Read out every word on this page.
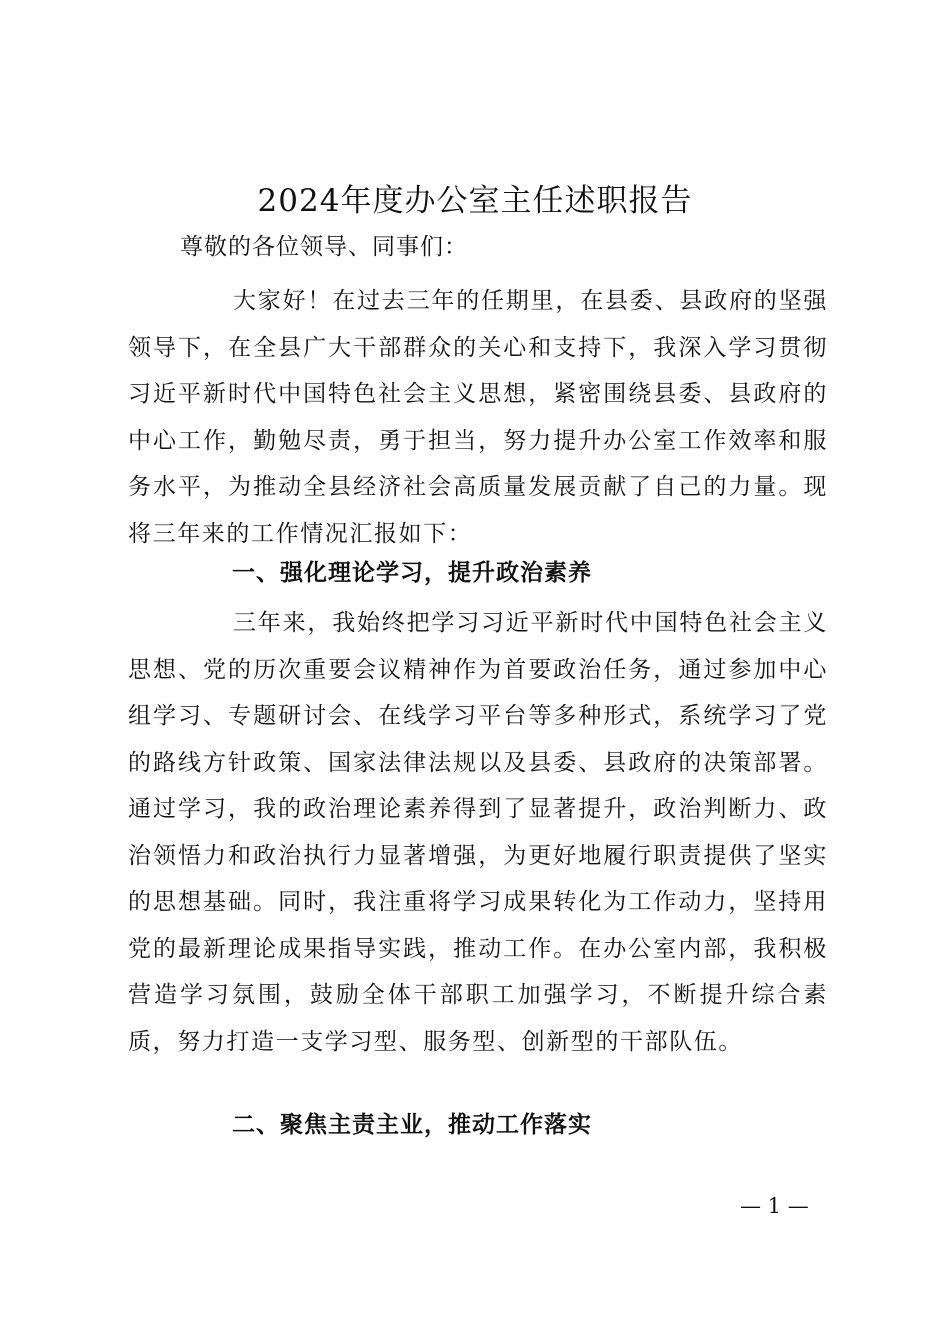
2024年度办公室主任述职报告
尊敬的各位领导、同事们：

大家好！在过去三年的任期里，在县委、县政府的坚强领导下，在全县广大干部群众的关心和支持下，我深入学习贯彻习近平新时代中国特色社会主义思想，紧密围绕县委、县政府的中心工作，勤勉尽责，勇于担当，努力提升办公室工作效率和服务水平，为推动全县经济社会高质量发展贡献了自己的力量。现将三年来的工作情况汇报如下：

一、强化理论学习，提升政治素养

三年来，我始终把学习习近平新时代中国特色社会主义思想、党的历次重要会议精神作为首要政治任务，通过参加中心组学习、专题研讨会、在线学习平台等多种形式，系统学习了党的路线方针政策、国家法律法规以及县委、县政府的决策部署。通过学习，我的政治理论素养得到了显著提升，政治判断力、政治领悟力和政治执行力显著增强，为更好地履行职责提供了坚实的思想基础。同时，我注重将学习成果转化为工作动力，坚持用党的最新理论成果指导实践，推动工作。在办公室内部，我积极营造学习氛围，鼓励全体干部职工加强学习，不断提升综合素质，努力打造一支学习型、服务型、创新型的干部队伍。

二、聚焦主责主业，推动工作落实
— 1 —
